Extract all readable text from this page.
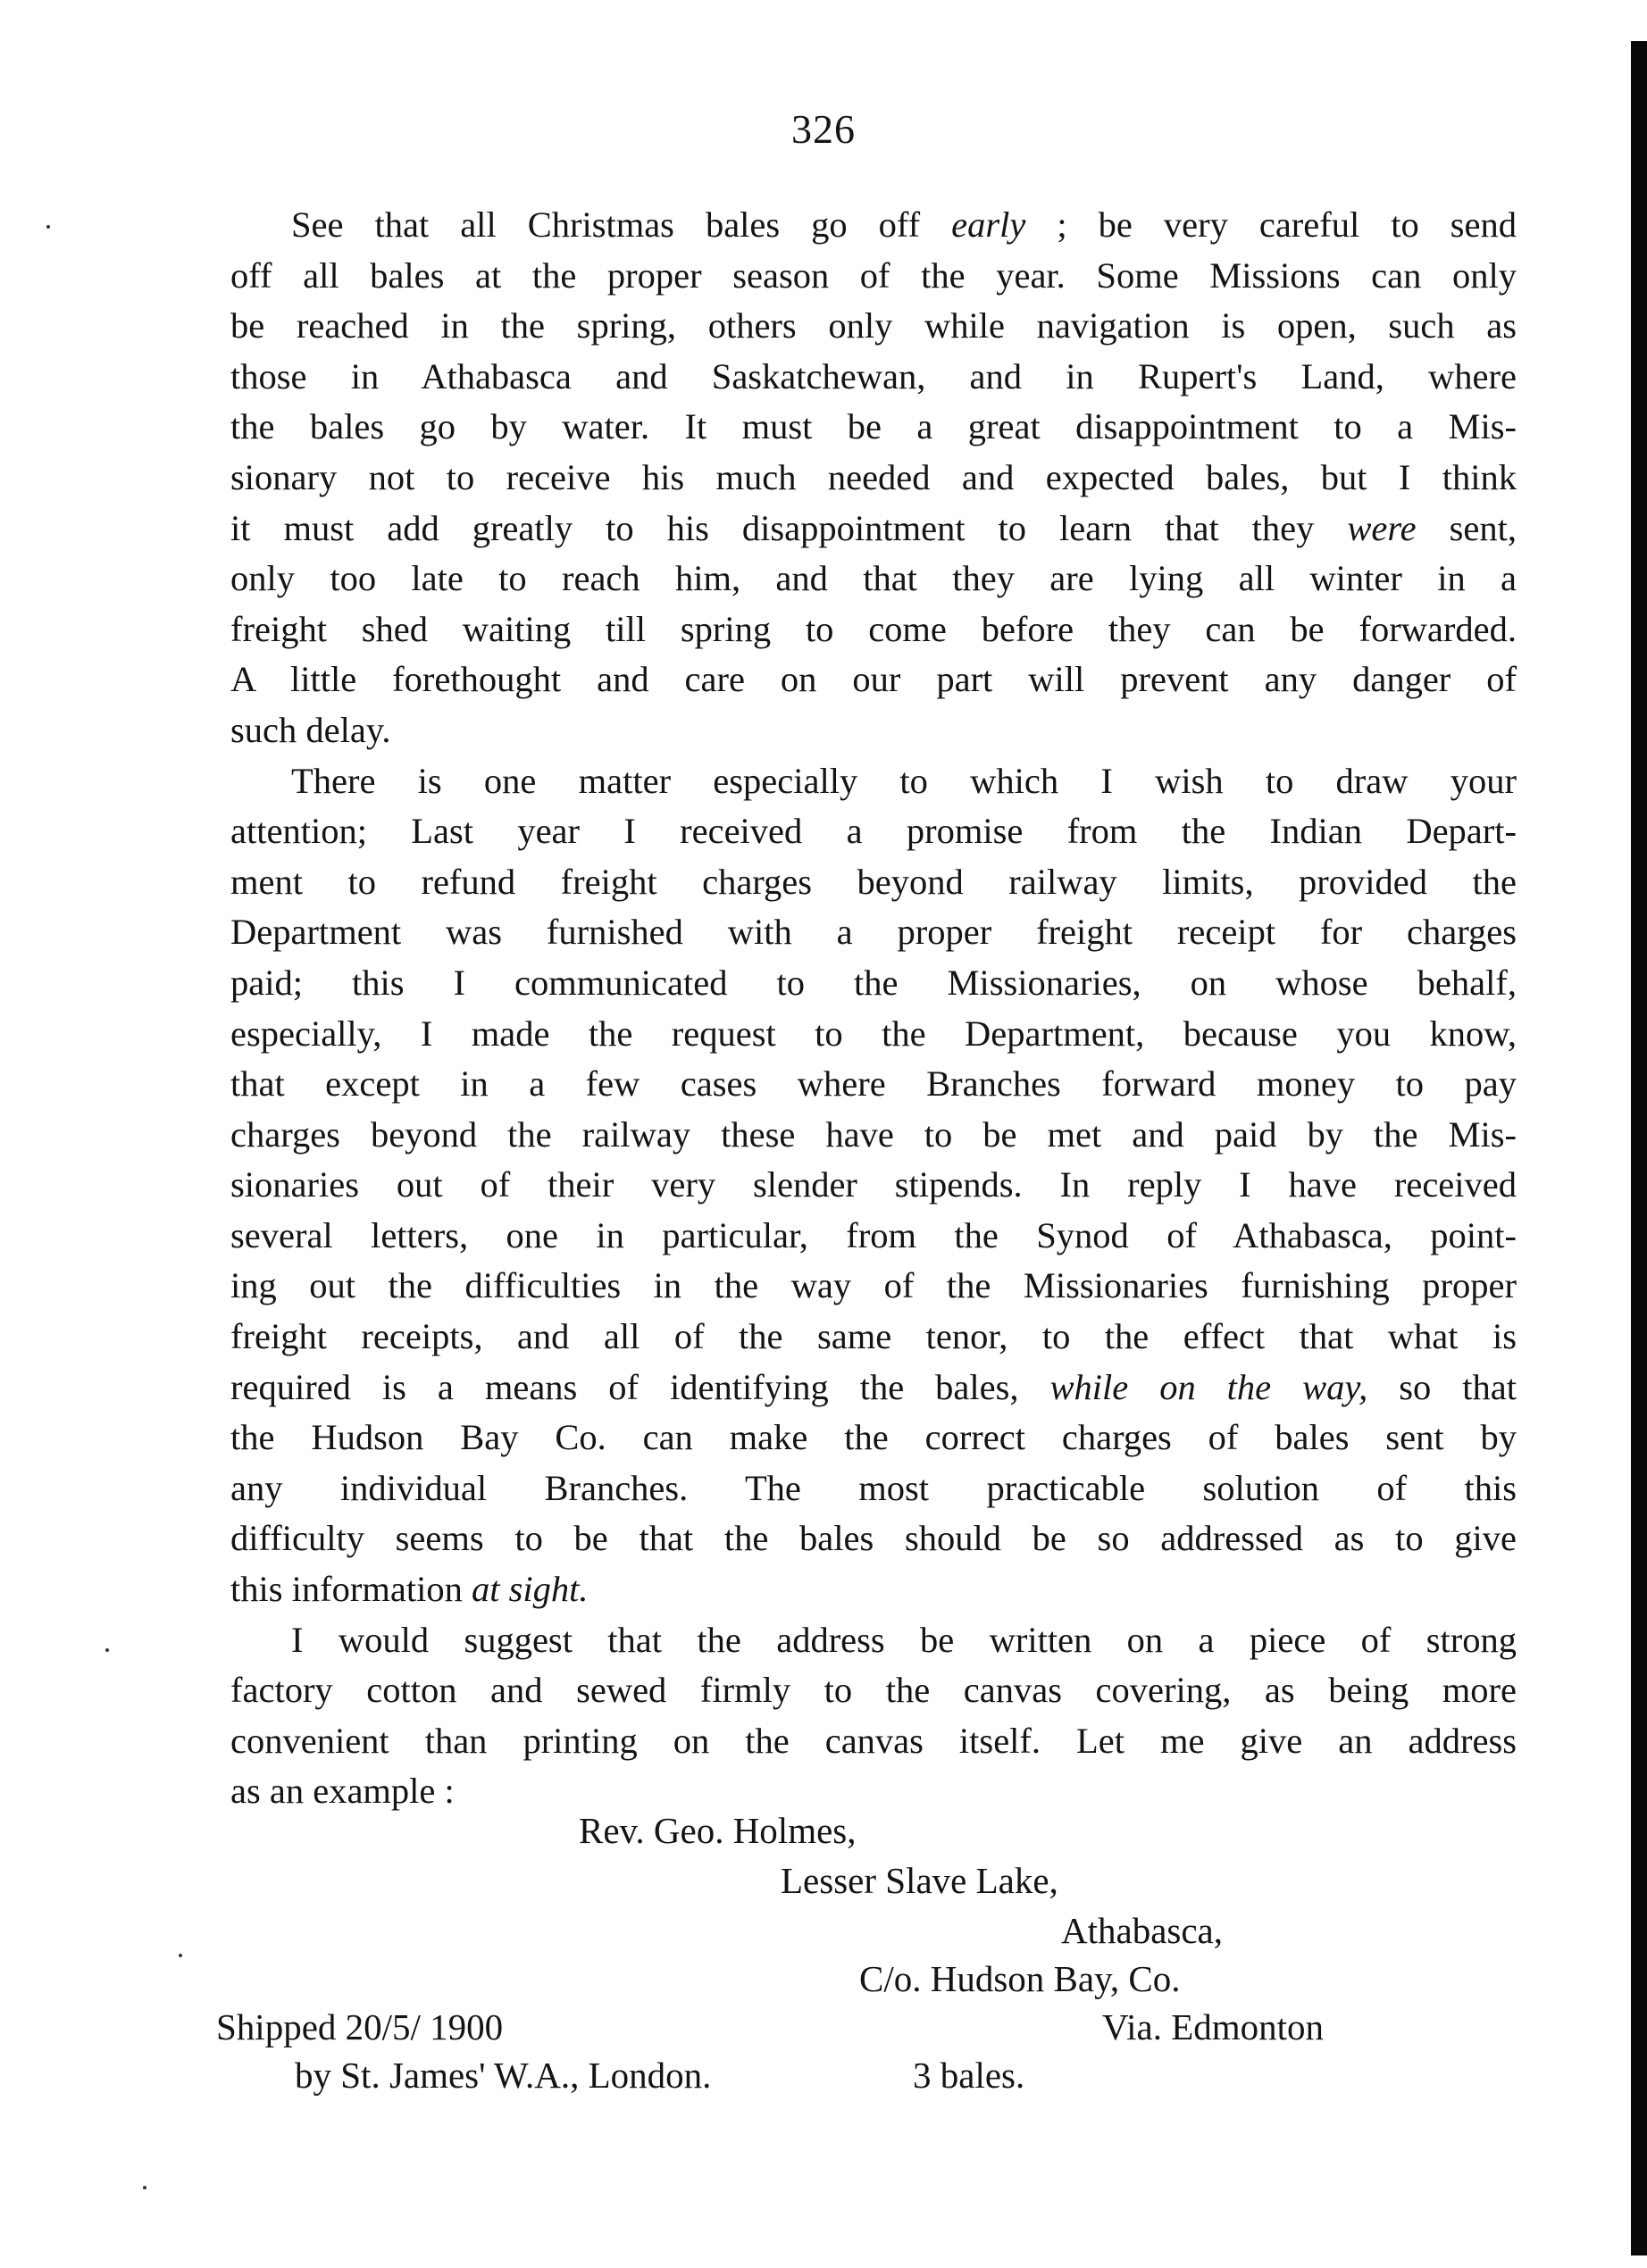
326
See that all Christmas bales go off early ; be very careful to send
off all bales at the proper season of the year. Some Missions can only
be reached in the spring, others only while navigation is open, such as
those in Athabasca and Saskatchewan, and in Rupert's Land, where
the bales go by water. It must be a great disappointment to a Mis-
sionary not to receive his much needed and expected bales, but I think
it must add greatly to his disappointment to learn that they were sent,
only too late to reach him, and that they are lying all winter in a
freight shed waiting till spring to come before they can be forwarded.
A little forethought and care on our part will prevent any danger of
such delay.
There is one matter especially to which I wish to draw your
attention; Last year I received a promise from the Indian Depart-
ment to refund freight charges beyond railway limits, provided the
Department was furnished with a proper freight receipt for charges
paid; this I communicated to the Missionaries, on whose behalf,
especially, I made the request to the Department, because you know,
that except in a few cases where Branches forward money to pay
charges beyond the railway these have to be met and paid by the Mis-
sionaries out of their very slender stipends. In reply I have received
several letters, one in particular, from the Synod of Athabasca, point-
ing out the difficulties in the way of the Missionaries furnishing proper
freight receipts, and all of the same tenor, to the effect that what is
required is a means of identifying the bales, while on the way, so that
the Hudson Bay Co. can make the correct charges of bales sent by
any individual Branches. The most practicable solution of this
difficulty seems to be that the bales should be so addressed as to give
this information at sight.
I would suggest that the address be written on a piece of strong
factory cotton and sewed firmly to the canvas covering, as being more
convenient than printing on the canvas itself. Let me give an address
as an example :
Rev. Geo. Holmes,
Lesser Slave Lake,
Athabasca,
C/o. Hudson Bay, Co.
Shipped 20/5/ 1900	Via. Edmonton
by St. James' W.A., London.	3 bales.
